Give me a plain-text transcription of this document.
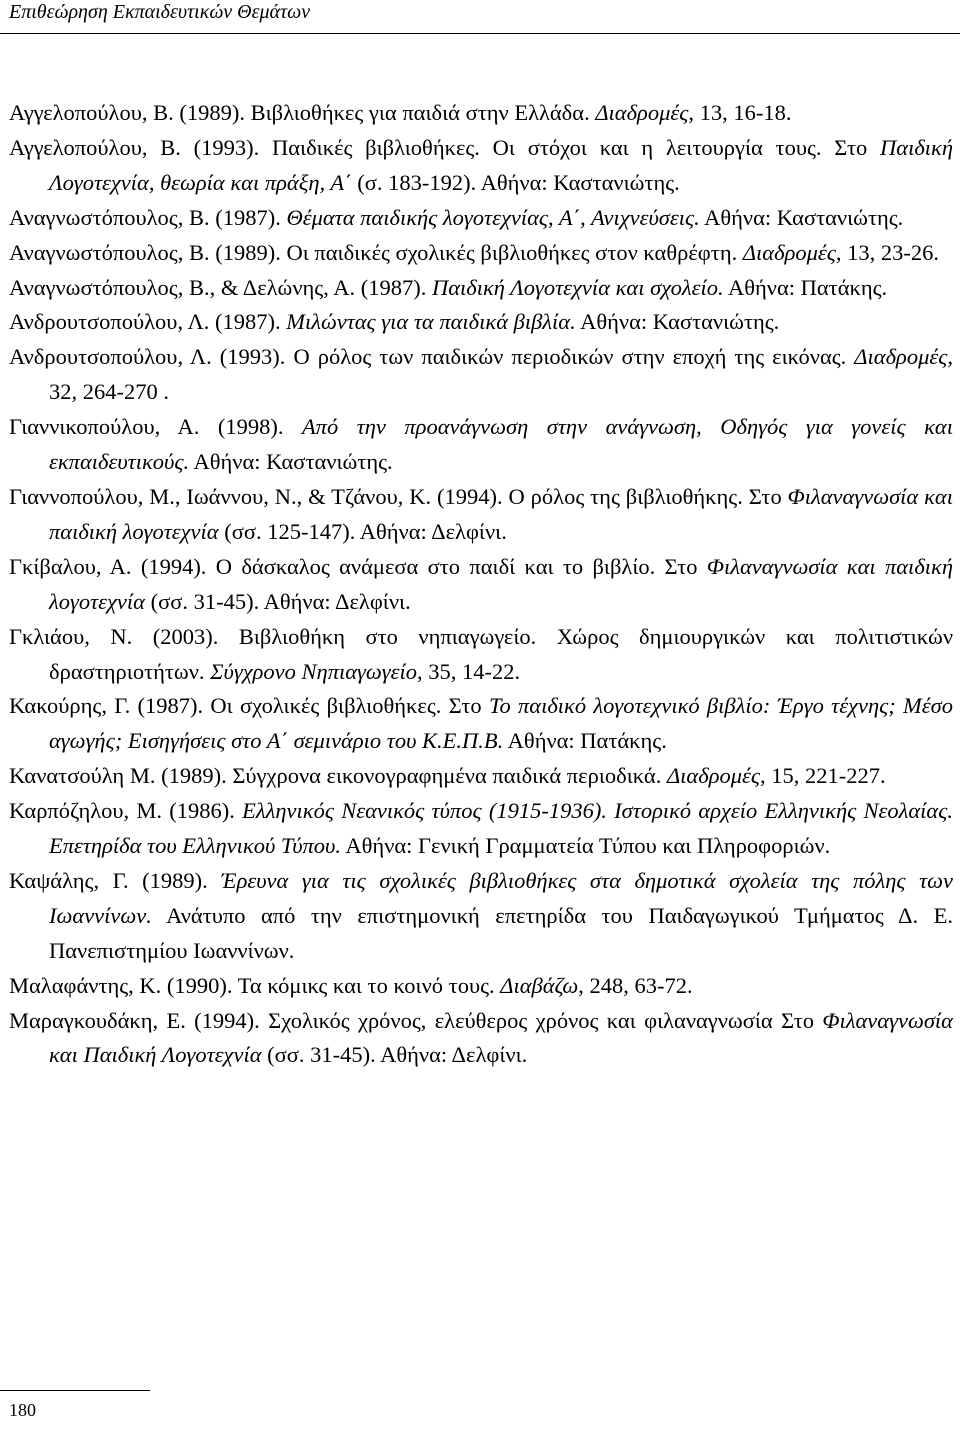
Επιθεώρηση Εκπαιδευτικών Θεμάτων
Αγγελοπούλου, Β. (1989). Βιβλιοθήκες για παιδιά στην Ελλάδα. Διαδρομές, 13, 16-18.
Αγγελοπούλου, Β. (1993). Παιδικές βιβλιοθήκες. Οι στόχοι και η λειτουργία τους. Στο Παιδική Λογοτεχνία, θεωρία και πράξη, Α΄ (σ. 183-192). Αθήνα: Καστανιώτης.
Αναγνωστόπουλος, Β. (1987). Θέματα παιδικής λογοτεχνίας, Α΄, Ανιχνεύσεις. Αθήνα: Καστανιώτης.
Αναγνωστόπουλος, Β. (1989). Οι παιδικές σχολικές βιβλιοθήκες στον καθρέφτη. Διαδρομές, 13, 23-26.
Αναγνωστόπουλος, Β., & Δελώνης, Α. (1987). Παιδική Λογοτεχνία και σχολείο. Αθήνα: Πατάκης.
Ανδρουτσοπούλου, Λ. (1987). Μιλώντας για τα παιδικά βιβλία. Αθήνα: Καστανιώτης.
Ανδρουτσοπούλου, Λ. (1993). Ο ρόλος των παιδικών περιοδικών στην εποχή της εικόνας. Διαδρομές, 32, 264-270 .
Γιαννικοπούλου, Α. (1998). Από την προανάγνωση στην ανάγνωση, Οδηγός για γονείς και εκπαιδευτικούς. Αθήνα: Καστανιώτης.
Γιαννοπούλου, Μ., Ιωάννου, Ν., & Τζάνου, Κ. (1994). Ο ρόλος της βιβλιοθήκης. Στο Φιλαναγνωσία και παιδική λογοτεχνία (σσ. 125-147). Αθήνα: Δελφίνι.
Γκίβαλου, Α. (1994). Ο δάσκαλος ανάμεσα στο παιδί και το βιβλίο. Στο Φιλαναγνωσία και παιδική λογοτεχνία (σσ. 31-45). Αθήνα: Δελφίνι.
Γκλιάου, Ν. (2003). Βιβλιοθήκη στο νηπιαγωγείο. Χώρος δημιουργικών και πολιτιστικών δραστηριοτήτων. Σύγχρονο Νηπιαγωγείο, 35, 14-22.
Κακούρης, Γ. (1987). Οι σχολικές βιβλιοθήκες. Στο Το παιδικό λογοτεχνικό βιβλίο: Έργο τέχνης; Μέσο αγωγής; Εισηγήσεις στο Α΄ σεμινάριο του Κ.Ε.Π.Β. Αθήνα: Πατάκης.
Κανατσούλη Μ. (1989). Σύγχρονα εικονογραφημένα παιδικά περιοδικά. Διαδρομές, 15, 221-227.
Καρπόζηλου, Μ. (1986). Ελληνικός Νεανικός τύπος (1915-1936). Ιστορικό αρχείο Ελληνικής Νεολαίας. Επετηρίδα του Ελληνικού Τύπου. Αθήνα: Γενική Γραμματεία Τύπου και Πληροφοριών.
Καψάλης, Γ. (1989). Έρευνα για τις σχολικές βιβλιοθήκες στα δημοτικά σχολεία της πόλης των Ιωαννίνων. Ανάτυπο από την επιστημονική επετηρίδα του Παιδαγωγικού Τμήματος Δ. Ε. Πανεπιστημίου Ιωαννίνων.
Μαλαφάντης, Κ. (1990). Τα κόμικς και το κοινό τους. Διαβάζω, 248, 63-72.
Μαραγκουδάκη, Ε. (1994). Σχολικός χρόνος, ελεύθερος χρόνος και φιλαναγνωσία Στο Φιλαναγνωσία και Παιδική Λογοτεχνία (σσ. 31-45). Αθήνα: Δελφίνι.
180
